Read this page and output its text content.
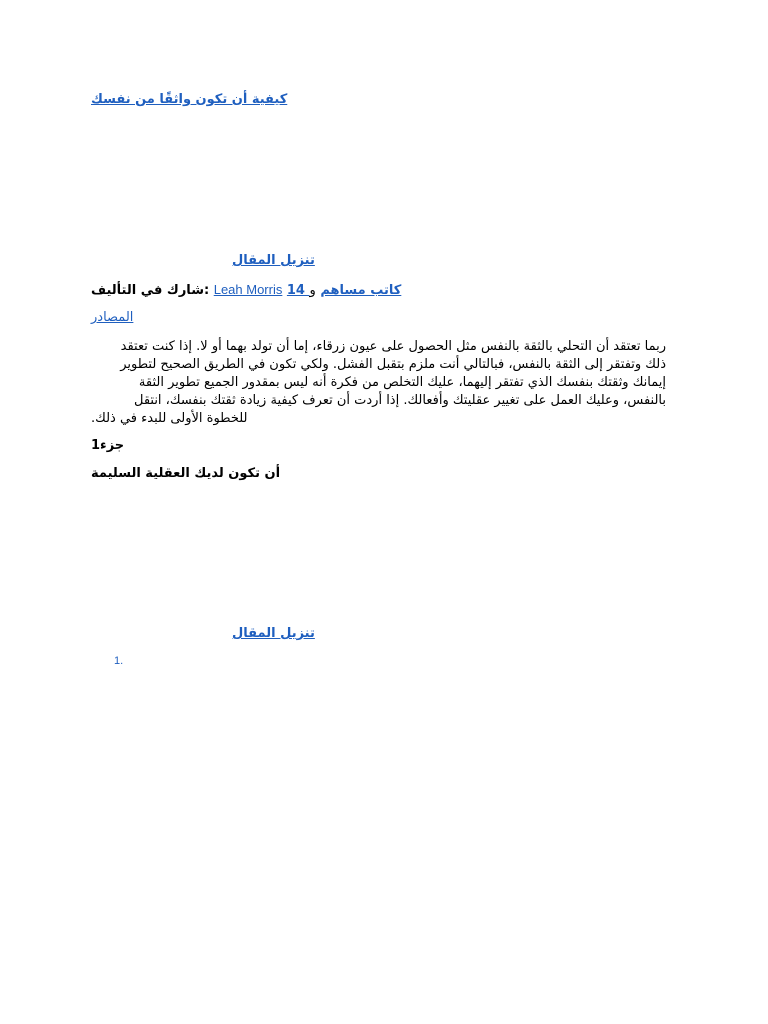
كيفية أن تكون واثقًا من نفسك
تنزيل المقال
شارك في التأليف: Leah Morris 14 كاتب مساهم و
المصادر
ربما تعتقد أن التحلي بالثقة بالنفس مثل الحصول على عيون زرقاء، إما أن تولد بهما أو لا. إذا كنت تعتقد
ذلك وتفتقر إلى الثقة بالنفس، فبالتالي أنت ملزم بتقبل الفشل. ولكي تكون في الطريق الصحيح لتطوير
إيمانك وثقتك بنفسك الذي تفتقر إليهما، عليك التخلص من فكرة أنه ليس بمقدور الجميع تطوير الثقة
بالنفس، وعليك العمل على تغيير عقليتك وأفعالك. إذا أردت أن تعرف كيفية زيادة ثقتك بنفسك، انتقل
للخطوة الأولى للبدء في ذلك.
جزء1
أن تكون لديك العقلية السليمة
تنزيل المقال
1.
